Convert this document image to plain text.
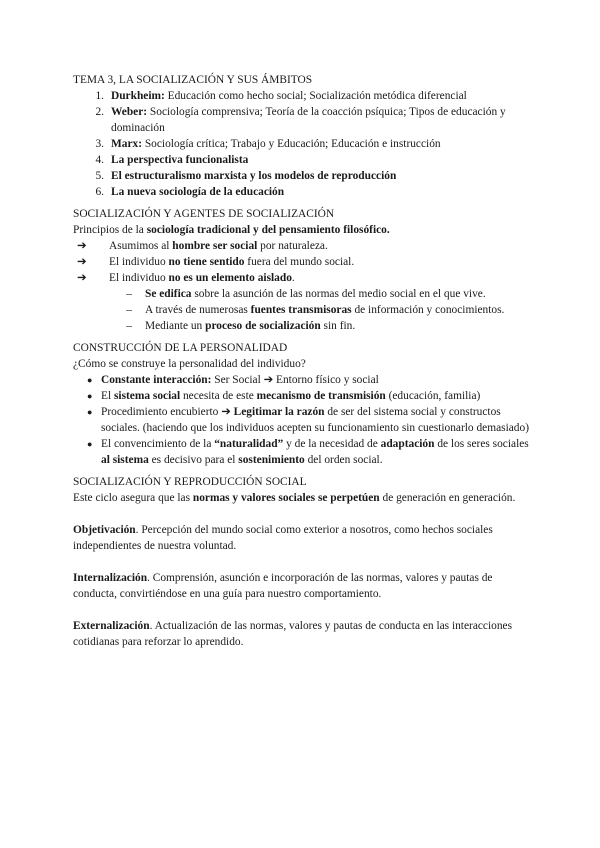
TEMA 3, LA SOCIALIZACIÓN Y SUS ÁMBITOS

1. Durkheim: Educación como hecho social; Socialización metódica diferencial
2. Weber: Sociología comprensiva; Teoría de la coacción psíquica; Tipos de educación y dominación
3. Marx: Sociología crítica; Trabajo y Educación; Educación e instrucción
4. La perspectiva funcionalista
5. El estructuralismo marxista y los modelos de reproducción
6. La nueva sociología de la educación

SOCIALIZACIÓN Y AGENTES DE SOCIALIZACIÓN

Principios de la sociología tradicional y del pensamiento filosófico.

➔	Asumimos al hombre ser social por naturaleza.
➔	El individuo no tiene sentido fuera del mundo social.
➔	El individuo no es un elemento aislado.
–	Se edifica sobre la asunción de las normas del medio social en el que vive.
–	A través de numerosas fuentes transmisoras de información y conocimientos.
–	Mediante un proceso de socialización sin fin.

CONSTRUCCIÓN DE LA PERSONALIDAD

¿Cómo se construye la personalidad del individuo?

● Constante interacción: Ser Social ➔ Entorno físico y social
● El sistema social necesita de este mecanismo de transmisión (educación, familia)
● Procedimiento encubierto ➔ Legitimar la razón de ser del sistema social y constructos sociales. (haciendo que los individuos acepten su funcionamiento sin cuestionarlo demasiado)
● El convencimiento de la “naturalidad” y de la necesidad de adaptación de los seres sociales al sistema es decisivo para el sostenimiento del orden social.

SOCIALIZACIÓN Y REPRODUCCIÓN SOCIAL

Este ciclo asegura que las normas y valores sociales se perpetúen de generación en generación.

Objetivación. Percepción del mundo social como exterior a nosotros, como hechos sociales independientes de nuestra voluntad.

Internalización. Comprensión, asunción e incorporación de las normas, valores y pautas de conducta, convirtiéndose en una guía para nuestro comportamiento.

Externalización. Actualización de las normas, valores y pautas de conducta en las interacciones cotidianas para reforzar lo aprendido.
